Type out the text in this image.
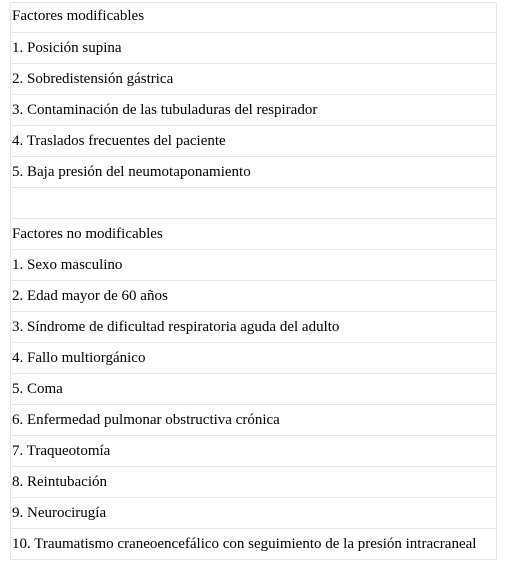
Factores modificables
1. Posición supina
2. Sobredistensión gástrica
3. Contaminación de las tubuladuras del respirador
4. Traslados frecuentes del paciente
5. Baja presión del neumotaponamiento

Factores no modificables
1. Sexo masculino
2. Edad mayor de 60 años
3. Síndrome de dificultad respiratoria aguda del adulto
4. Fallo multiorgánico
5. Coma
6. Enfermedad pulmonar obstructiva crónica
7. Traqueotomía
8. Reintubación
9. Neurocirugía
10. Traumatismo craneoencefálico con seguimiento de la presión intracraneal
